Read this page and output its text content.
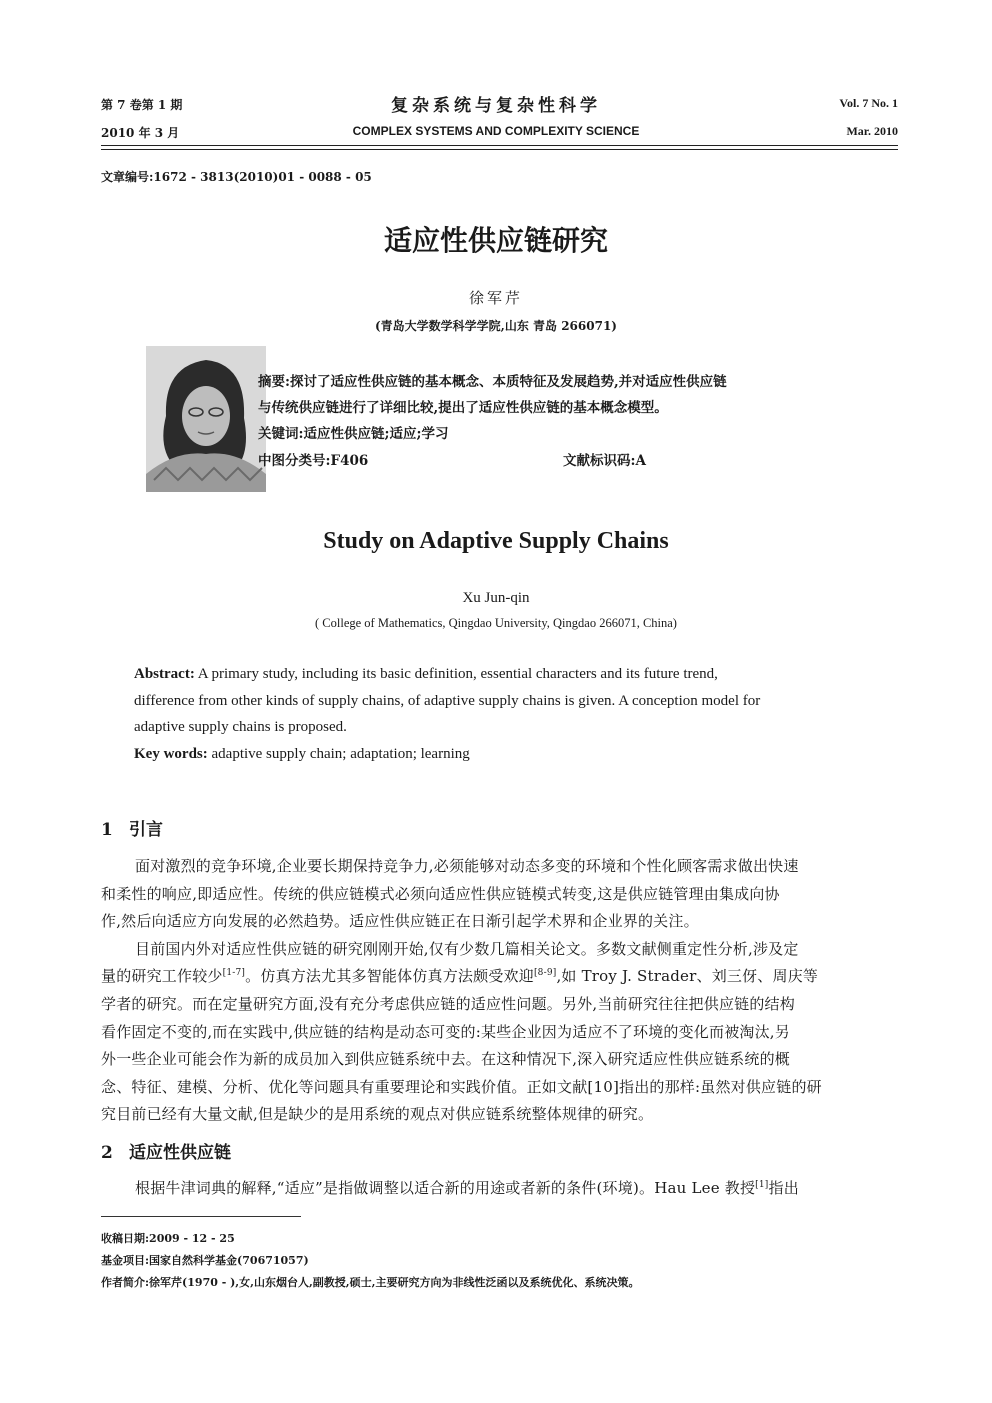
第 7 卷第 1 期
2010 年 3 月
复杂系统与复杂性科学
COMPLEX SYSTEMS AND COMPLEXITY SCIENCE
Vol. 7 No. 1
Mar. 2010
文章编号:1672 - 3813(2010)01 - 0088 - 05
适应性供应链研究
徐军芹
(青岛大学数学科学学院,山东 青岛 266071)
摘要:探讨了适应性供应链的基本概念、本质特征及发展趋势,并对适应性供应链
与传统供应链进行了详细比较,提出了适应性供应链的基本概念模型。
关键词:适应性供应链;适应;学习
中图分类号:F406	文献标识码:A
Study on Adaptive Supply Chains
Xu Jun-qin
( College of Mathematics, Qingdao University, Qingdao 266071, China)
Abstract: A primary study, including its basic definition, essential characters and its future trend,
difference from other kinds of supply chains, of adaptive supply chains is given. A conception model for
adaptive supply chains is proposed.
Key words: adaptive supply chain; adaptation; learning
1 引言
面对激烈的竞争环境,企业要长期保持竞争力,必须能够对动态多变的环境和个性化顾客需求做出快速
和柔性的响应,即适应性。传统的供应链模式必须向适应性供应链模式转变,这是供应链管理由集成向协
作,然后向适应方向发展的必然趋势。适应性供应链正在日渐引起学术界和企业界的关注。
目前国内外对适应性供应链的研究刚刚开始,仅有少数几篇相关论文。多数文献侧重定性分析,涉及定
量的研究工作较少[1-7]。仿真方法尤其多智能体仿真方法颇受欢迎[8-9],如 Troy J. Strader、刘三伢、周庆等
学者的研究。而在定量研究方面,没有充分考虑供应链的适应性问题。另外,当前研究往往把供应链的结构
看作固定不变的,而在实践中,供应链的结构是动态可变的:某些企业因为适应不了环境的变化而被淘汰,另
外一些企业可能会作为新的成员加入到供应链系统中去。在这种情况下,深入研究适应性供应链系统的概
念、特征、建模、分析、优化等问题具有重要理论和实践价值。正如文献[10]指出的那样:虽然对供应链的研
究目前已经有大量文献,但是缺少的是用系统的观点对供应链系统整体规律的研究。
2 适应性供应链
根据牛津词典的解释,“适应”是指做调整以适合新的用途或者新的条件(环境)。Hau Lee 教授[1]指出
收稿日期:2009 - 12 - 25
基金项目:国家自然科学基金(70671057)
作者简介:徐军芹(1970 - ),女,山东烟台人,副教授,硕士,主要研究方向为非线性泛函以及系统优化、系统决策。
